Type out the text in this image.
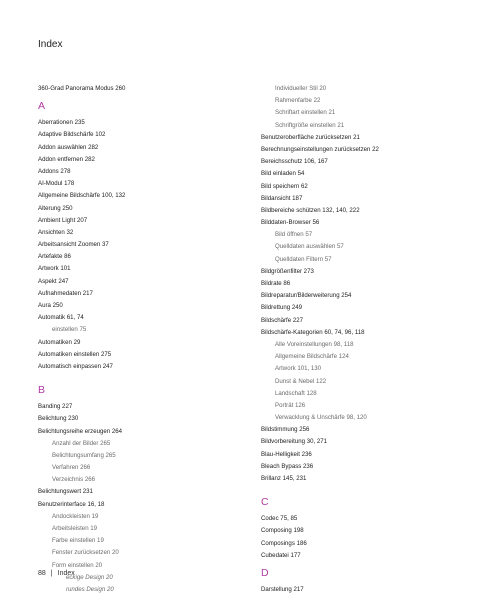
Index
360-Grad Panorama Modus 260
A
Aberrationen 235
Adaptive Bildschärfe 102
Addon auswählen 282
Addon entfernen 282
Addons 278
AI-Modul 178
Allgemeine Bildschärfe 100, 132
Alterung 250
Ambient Light 207
Ansichten 32
Arbeitsansicht Zoomen 37
Artefakte 86
Artwork 101
Aspekt 247
Aufnahmedaten 217
Aura 250
Automatik 61, 74
einstellen 75
Automatiken 29
Automatiken einstellen 275
Automatisch einpassen 247
B
Banding 227
Belichtung 230
Belichtungsreihe erzeugen 264
Anzahl der Bilder 265
Belichtungsumfang 265
Verfahren 266
Verzeichnis 266
Belichtungswert 231
Benutzerinterface 16, 18
Andockleisten 19
Arbeitsleisten 19
Farbe einstellen 19
Fenster zurücksetzen 20
Form einstellen 20
eckige Design 20
rundes Design 20
Individueller Stil 20
Rahmenfarbe 22
Schriftart einstellen 21
Schriftgröße einstellen 21
Benutzeroberfläche zurücksetzen 21
Berechnungseinstellungen zurücksetzen 22
Bereichsschutz 106, 167
Bild einladen 54
Bild speichern 62
Bildansicht 187
Bildbereiche schützen 132, 140, 222
Bilddaten-Browser 56
Bild öffnen 57
Quelldaten auswählen 57
Quelldaten Filtern 57
Bildgrößenfilter 273
Bildrate 86
Bildreparatur/Bilderweiterung 254
Bildrettung 249
Bildschärfe 227
Bildschärfe-Kategorien 60, 74, 96, 118
Alle Voreinstellungen 98, 118
Allgemeine Bildschärfe 124
Artwork 101, 130
Dunst & Nebel 122
Landschaft 128
Porträt 126
Verwacklung & Unschärfe 98, 120
Bildstimmung 256
Bildvorbereitung 30, 271
Blau-Helligkeit 236
Bleach Bypass 236
Brillanz 145, 231
C
Codec 75, 85
Composing 198
Composings 186
Cubedatei 177
D
Darstellung 217
88 | Index
